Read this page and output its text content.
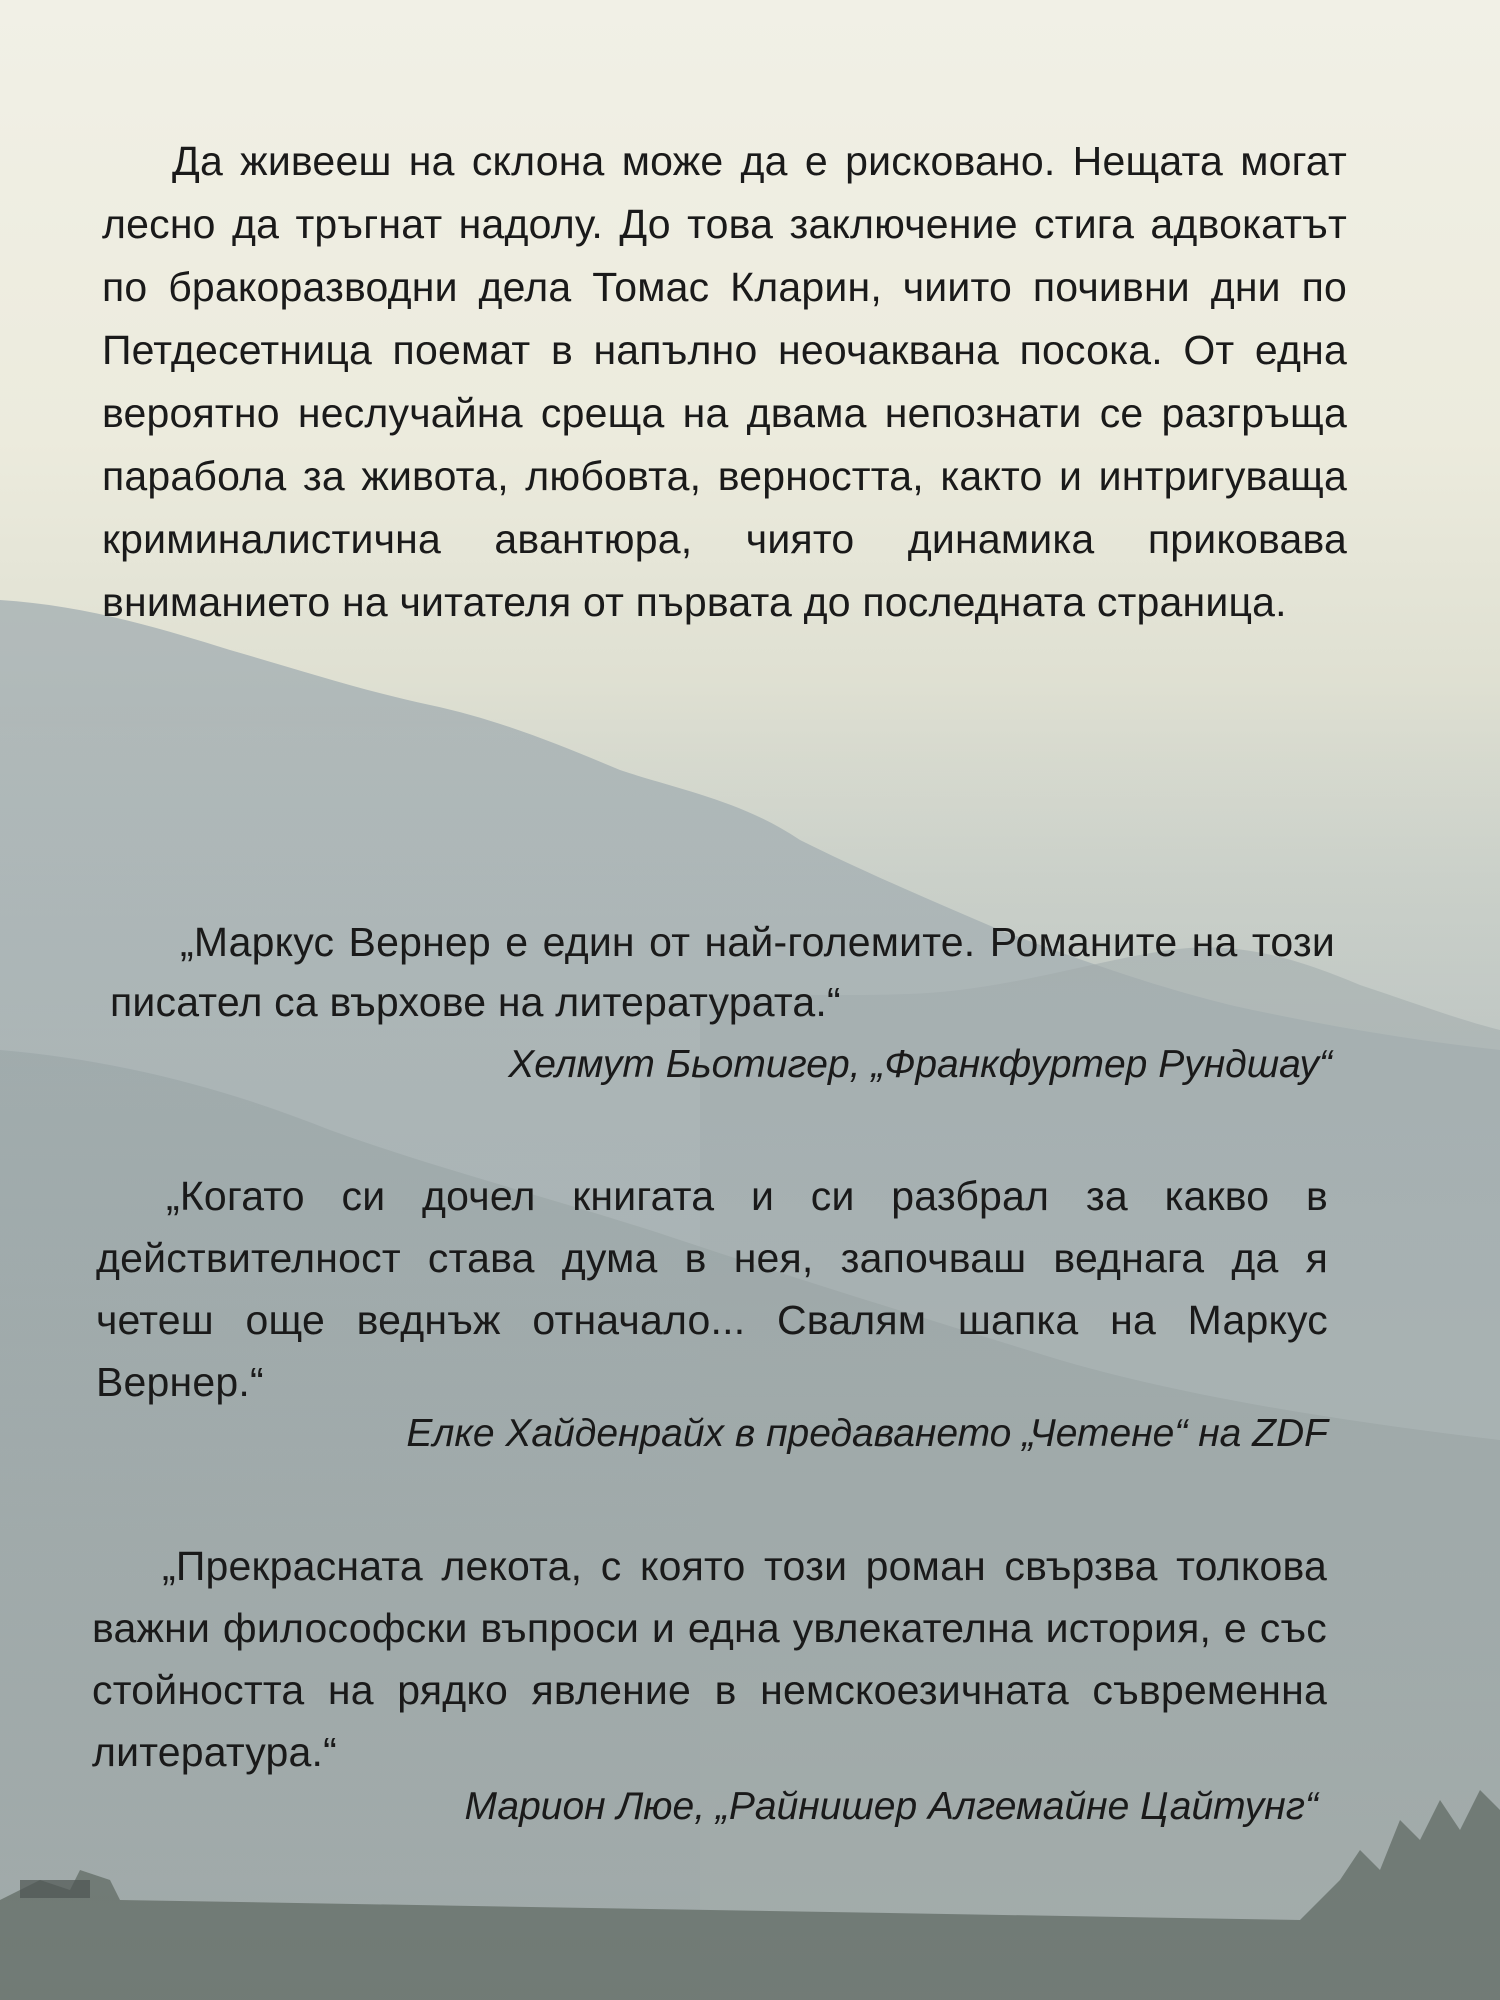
Да живееш на склона може да е рисковано. Нещата могат лесно да тръгнат надолу. До това заключение стига адвокатът по бракоразводни дела Томас Кларин, чиито почивни дни по Петдесетница поемат в напълно неочаквана посока. От една вероятно неслучайна среща на двама непознати се разгръща парабола за живота, любовта, верността, както и интригуваща криминалистична авантюра, чиято динамика приковава вниманието на читателя от първата до последната страница.

„Маркус Вернер е един от най-големите. Романите на този писател са върхове на литературата.“

Хелмут Бьотигер, „Франкфуртер Рундшау“

„Когато си дочел книгата и си разбрал за какво в действителност става дума в нея, започваш веднага да я четеш още веднъж отначало... Свалям шапка на Маркус Вернер.“

Елке Хайденрайх в предаването „Четене“ на ZDF

„Прекрасната лекота, с която този роман свързва толкова важни философски въпроси и една увлекателна история, е със стойността на рядко явление в немскоезичната съвременна литература.“

Марион Люе, „Райнишер Алгемайне Цайтунг“
